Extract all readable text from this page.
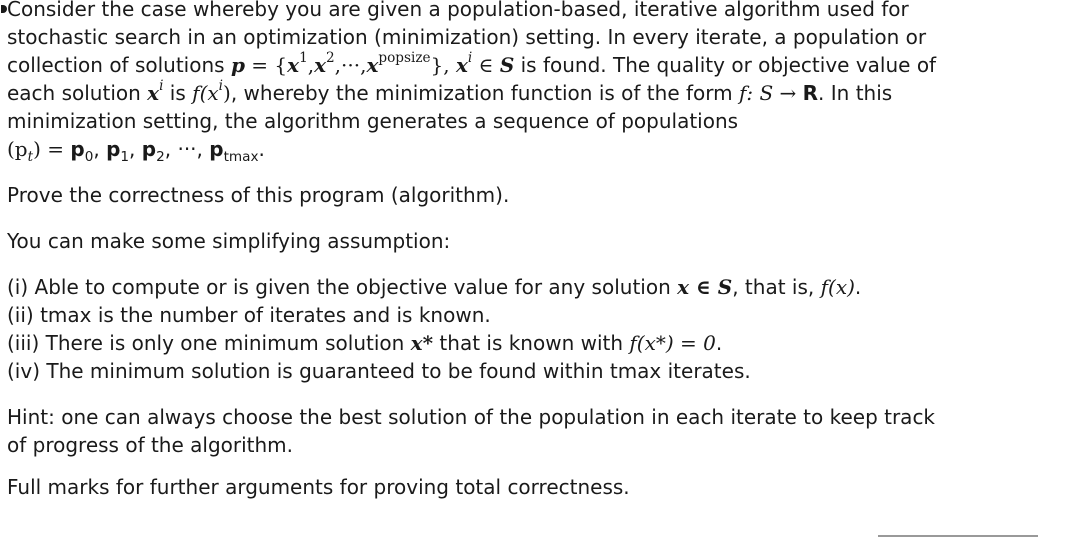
Consider the case whereby you are given a population-based, iterative algorithm used for
stochastic search in an optimization (minimization) setting. In every iterate, a population or
collection of solutions $p = \{x^1,x^2,\cdot\cdot\cdot,x^{popsize}\}$, $x^i$ ∈ S is found. The quality or objective value of
each solution $x^i$ is $f(x^i)$, whereby the minimization function is of the form f: S → R. In this
minimization setting, the algorithm generates a sequence of populations
$(p_t) = p_0$, $p_1$, $p_2$, ···, $p_{tmax}$.
Prove the correctness of this program (algorithm).
You can make some simplifying assumption:
(i) Able to compute or is given the objective value for any solution x ∈ S, that is, f(x).
(ii) tmax is the number of iterates and is known.
(iii) There is only one minimum solution x* that is known with f(x*) = 0.
(iv) The minimum solution is guaranteed to be found within tmax iterates.
Hint: one can always choose the best solution of the population in each iterate to keep track
of progress of the algorithm.
Full marks for further arguments for proving total correctness.
